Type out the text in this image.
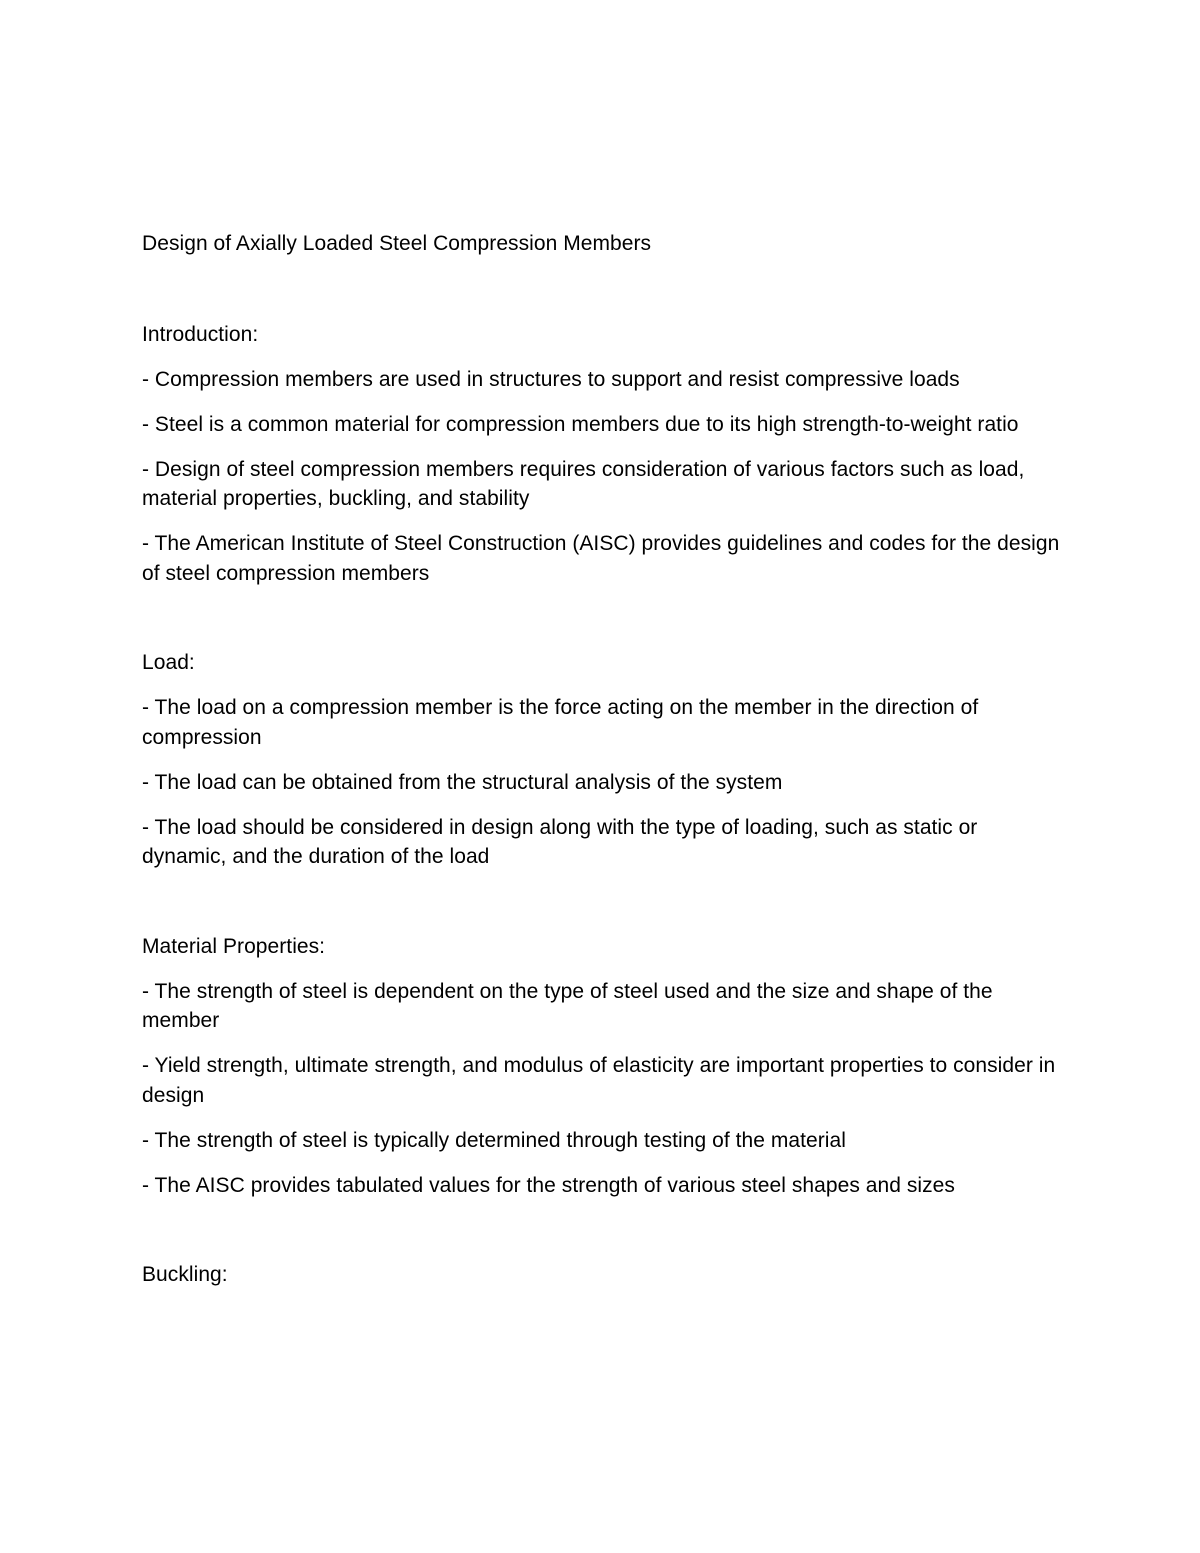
Design of Axially Loaded Steel Compression Members

Introduction:

- Compression members are used in structures to support and resist compressive loads

- Steel is a common material for compression members due to its high strength-to-weight ratio

- Design of steel compression members requires consideration of various factors such as load, material properties, buckling, and stability

- The American Institute of Steel Construction (AISC) provides guidelines and codes for the design of steel compression members

Load:

- The load on a compression member is the force acting on the member in the direction of compression

- The load can be obtained from the structural analysis of the system

- The load should be considered in design along with the type of loading, such as static or dynamic, and the duration of the load

Material Properties:

- The strength of steel is dependent on the type of steel used and the size and shape of the member

- Yield strength, ultimate strength, and modulus of elasticity are important properties to consider in design

- The strength of steel is typically determined through testing of the material

- The AISC provides tabulated values for the strength of various steel shapes and sizes

Buckling:
